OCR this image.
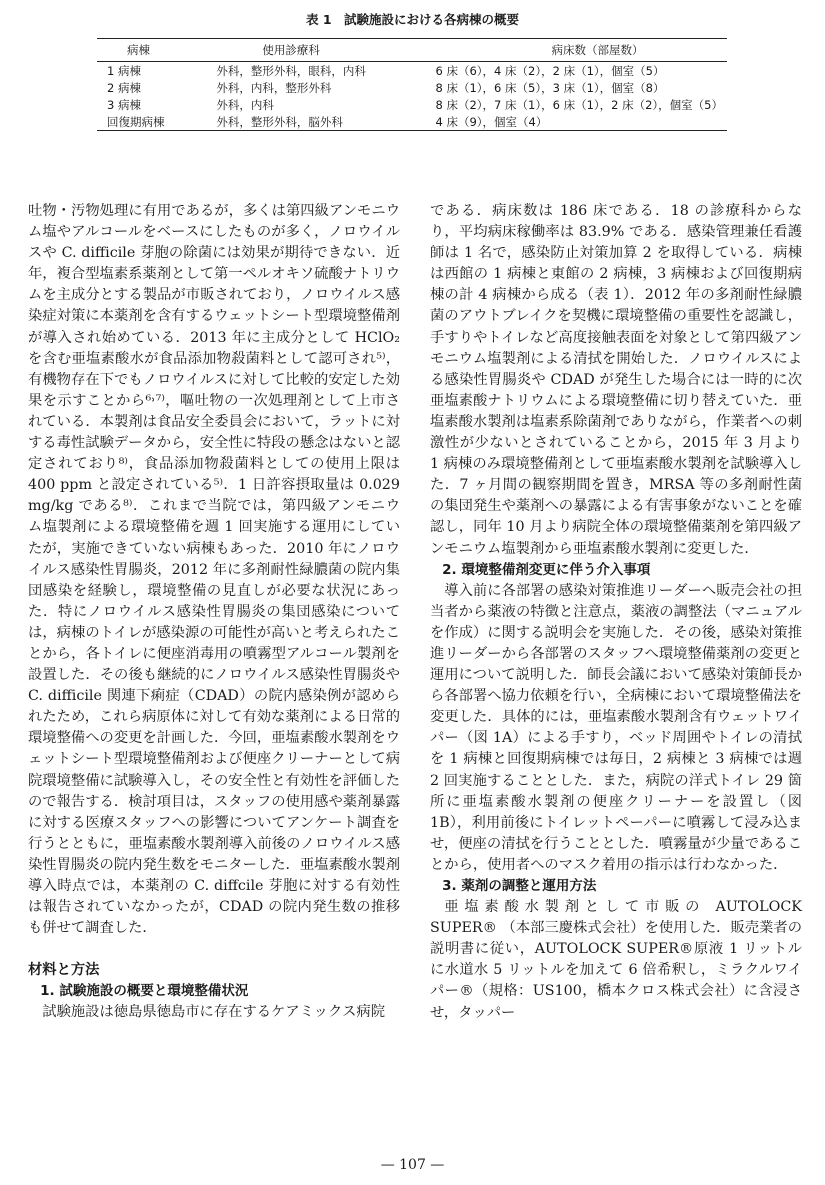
表 1　試験施設における各病棟の概要
病棟	使用診療科	病床数（部屋数）
1 病棟	外科，整形外科，眼科，内科	6 床（6），4 床（2），2 床（1），個室（5）
2 病棟	外科，内科，整形外科	8 床（1），6 床（5），3 床（1），個室（8）
3 病棟	外科，内科	8 床（2），7 床（1），6 床（1），2 床（2），個室（5）
回復期病棟	外科，整形外科，脳外科	4 床（9），個室（4）

吐物・汚物処理に有用であるが，多くは第四級アンモニウム塩やアルコールをベースにしたものが多く，ノロウイルスや C. difficile 芽胞の除菌には効果が期待できない．近年，複合型塩素系薬剤として第一ペルオキソ硫酸ナトリウムを主成分とする製品が市販されており，ノロウイルス感染症対策に本薬剤を含有するウェットシート型環境整備剤が導入され始めている．2013 年に主成分として HClO₂ を含む亜塩素酸水が食品添加物殺菌料として認可され⁵⁾，有機物存在下でもノロウイルスに対して比較的安定した効果を示すことから⁶˒⁷⁾，嘔吐物の一次処理剤として上市されている．本製剤は食品安全委員会において，ラットに対する毒性試験データから，安全性に特段の懸念はないと認定されており⁸⁾，食品添加物殺菌料としての使用上限は 400 ppm と設定されている⁵⁾．1 日許容摂取量は 0.029 mg/kg である⁸⁾．これまで当院では，第四級アンモニウム塩製剤による環境整備を週 1 回実施する運用にしていたが，実施できていない病棟もあった．2010 年にノロウイルス感染性胃腸炎，2012 年に多剤耐性緑膿菌の院内集団感染を経験し，環境整備の見直しが必要な状況にあった．特にノロウイルス感染性胃腸炎の集団感染については，病棟のトイレが感染源の可能性が高いと考えられたことから，各トイレに便座消毒用の噴霧型アルコール製剤を設置した．その後も継続的にノロウイルス感染性胃腸炎や C. difficile 関連下痢症（CDAD）の院内感染例が認められたため，これら病原体に対して有効な薬剤による日常的環境整備への変更を計画した．今回，亜塩素酸水製剤をウェットシート型環境整備剤および便座クリーナーとして病院環境整備に試験導入し，その安全性と有効性を評価したので報告する．検討項目は，スタッフの使用感や薬剤暴露に対する医療スタッフへの影響についてアンケート調査を行うとともに，亜塩素酸水製剤導入前後のノロウイルス感染性胃腸炎の院内発生数をモニターした．亜塩素酸水製剤導入時点では，本薬剤の C. diffcile 芽胞に対する有効性は報告されていなかったが，CDAD の院内発生数の推移も併せて調査した．

材料と方法
1. 試験施設の概要と環境整備状況

試験施設は徳島県徳島市に存在するケアミックス病院

である．病床数は 186 床である．18 の診療科からなり，平均病床稼働率は 83.9% である．感染管理兼任看護師は 1 名で，感染防止対策加算 2 を取得している．病棟は西館の 1 病棟と東館の 2 病棟，3 病棟および回復期病棟の計 4 病棟から成る（表 1）．2012 年の多剤耐性緑膿菌のアウトブレイクを契機に環境整備の重要性を認識し，手すりやトイレなど高度接触表面を対象として第四級アンモニウム塩製剤による清拭を開始した．ノロウイルスによる感染性胃腸炎や CDAD が発生した場合には一時的に次亜塩素酸ナトリウムによる環境整備に切り替えていた．亜塩素酸水製剤は塩素系除菌剤でありながら，作業者への刺激性が少ないとされていることから，2015 年 3 月より 1 病棟のみ環境整備剤として亜塩素酸水製剤を試験導入した．7 ヶ月間の観察期間を置き，MRSA 等の多剤耐性菌の集団発生や薬剤への暴露による有害事象がないことを確認し，同年 10 月より病院全体の環境整備薬剤を第四級アンモニウム塩製剤から亜塩素酸水製剤に変更した．

2. 環境整備剤変更に伴う介入事項

導入前に各部署の感染対策推進リーダーへ販売会社の担当者から薬液の特徴と注意点，薬液の調整法（マニュアルを作成）に関する説明会を実施した．その後，感染対策推進リーダーから各部署のスタッフへ環境整備薬剤の変更と運用について説明した．師長会議において感染対策師長から各部署へ協力依頼を行い，全病棟において環境整備法を変更した．具体的には，亜塩素酸水製剤含有ウェットワイパー（図 1A）による手すり，ベッド周囲やトイレの清拭を 1 病棟と回復期病棟では毎日，2 病棟と 3 病棟では週 2 回実施することとした．また，病院の洋式トイレ 29 箇所に亜塩素酸水製剤の便座クリーナーを設置し（図 1B），利用前後にトイレットペーパーに噴霧して浸み込ませ，便座の清拭を行うこととした．噴霧量が少量であることから，使用者へのマスク着用の指示は行わなかった．

3. 薬剤の調整と運用方法

亜塩素酸水製剤として市販の AUTOLOCK　SUPER® （本部三慶株式会社）を使用した．販売業者の説明書に従い，AUTOLOCK SUPER®原液 1 リットルに水道水 5 リットルを加えて 6 倍希釈し，ミラクルワイパー®（規格：US100，橋本クロス株式会社）に含浸させ，タッパー

— 107 —
